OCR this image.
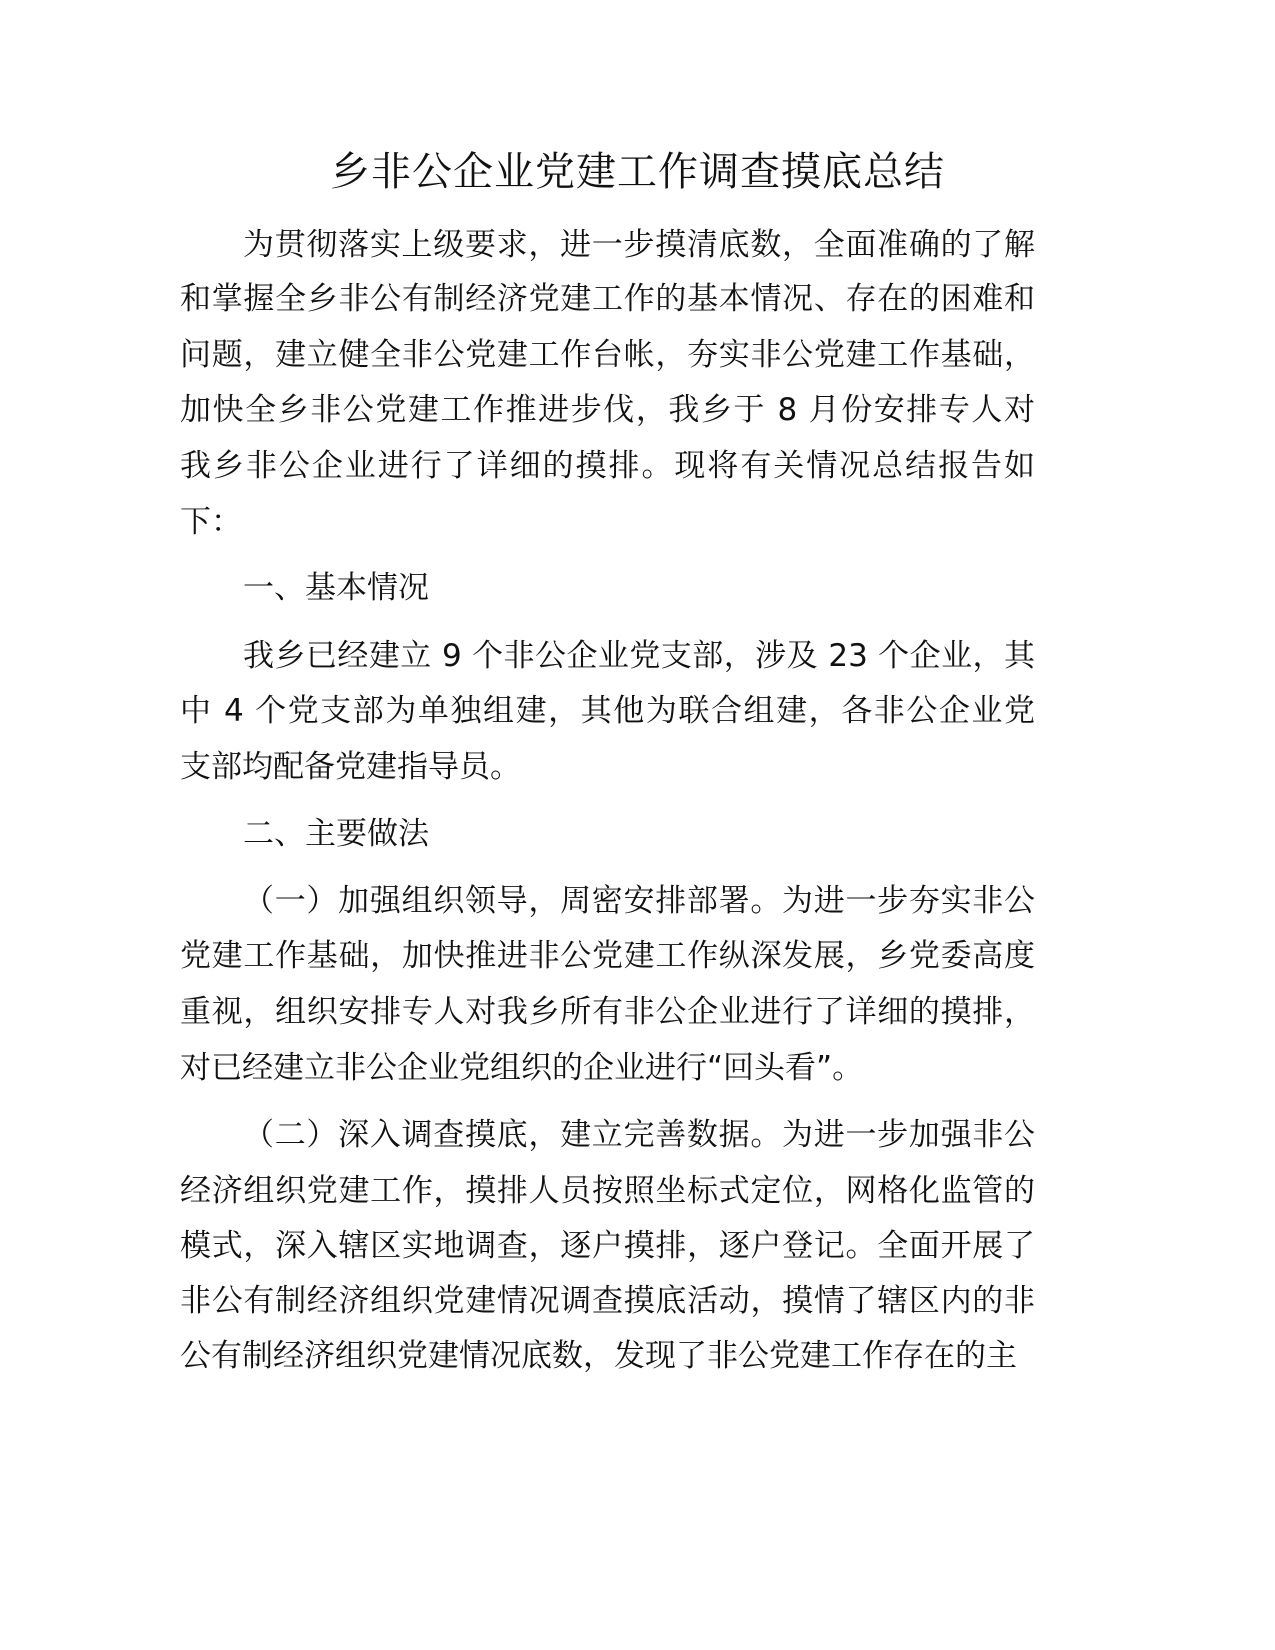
乡非公企业党建工作调查摸底总结
为贯彻落实上级要求，进一步摸清底数，全面准确的了解
和掌握全乡非公有制经济党建工作的基本情况、存在的困难和
问题，建立健全非公党建工作台帐，夯实非公党建工作基础，
加快全乡非公党建工作推进步伐，我乡于 8 月份安排专人对
我乡非公企业进行了详细的摸排。现将有关情况总结报告如
下：
一、基本情况
我乡已经建立 9 个非公企业党支部，涉及 23 个企业，其
中 4 个党支部为单独组建，其他为联合组建，各非公企业党
支部均配备党建指导员。
二、主要做法
（一）加强组织领导，周密安排部署。为进一步夯实非公
党建工作基础，加快推进非公党建工作纵深发展，乡党委高度
重视，组织安排专人对我乡所有非公企业进行了详细的摸排，
对已经建立非公企业党组织的企业进行“回头看”。
（二）深入调查摸底，建立完善数据。为进一步加强非公
经济组织党建工作，摸排人员按照坐标式定位，网格化监管的
模式，深入辖区实地调查，逐户摸排，逐户登记。全面开展了
非公有制经济组织党建情况调查摸底活动，摸情了辖区内的非
公有制经济组织党建情况底数，发现了非公党建工作存在的主
